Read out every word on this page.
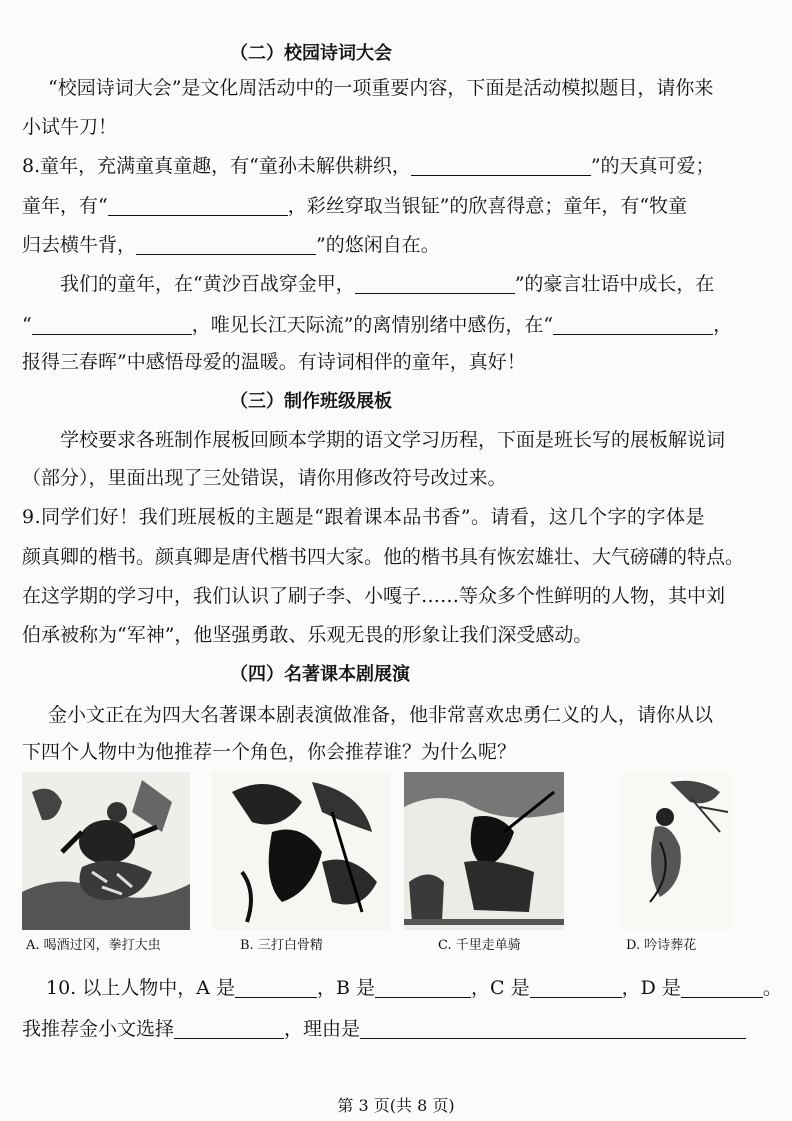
（二）校园诗词大会
“校园诗词大会”是文化周活动中的一项重要内容，下面是活动模拟题目，请你来
小试牛刀！
8.童年，充满童真童趣，有“童孙未解供耕织，	”的天真可爱；
童年，有“	，彩丝穿取当银钲”的欣喜得意；童年，有“牧童
归去横牛背，	”的悠闲自在。
我们的童年，在“黄沙百战穿金甲，	”的豪言壮语中成长，在
“	，唯见长江天际流”的离情别绪中感伤，在“	，
报得三春晖”中感悟母爱的温暖。有诗词相伴的童年，真好！
（三）制作班级展板
学校要求各班制作展板回顾本学期的语文学习历程，下面是班长写的展板解说词
（部分），里面出现了三处错误，请你用修改符号改过来。
9.同学们好！我们班展板的主题是“跟着课本品书香”。请看，这几个字的字体是
颜真卿的楷书。颜真卿是唐代楷书四大家。他的楷书具有恢宏雄壮、大气磅礴的特点。
在这学期的学习中，我们认识了刷子李、小嘎子……等众多个性鲜明的人物，其中刘
伯承被称为“军神”，他坚强勇敢、乐观无畏的形象让我们深受感动。
（四）名著课本剧展演
金小文正在为四大名著课本剧表演做准备，他非常喜欢忠勇仁义的人，请你从以
下四个人物中为他推荐一个角色，你会推荐谁？为什么呢？
A. 喝酒过冈，拳打大虫	B. 三打白骨精	C. 千里走单骑	D. 吟诗葬花
10. 以上人物中，A 是	，B 是	，C 是	，D 是	。
我推荐金小文选择	，理由是
第 3 页(共 8 页)
